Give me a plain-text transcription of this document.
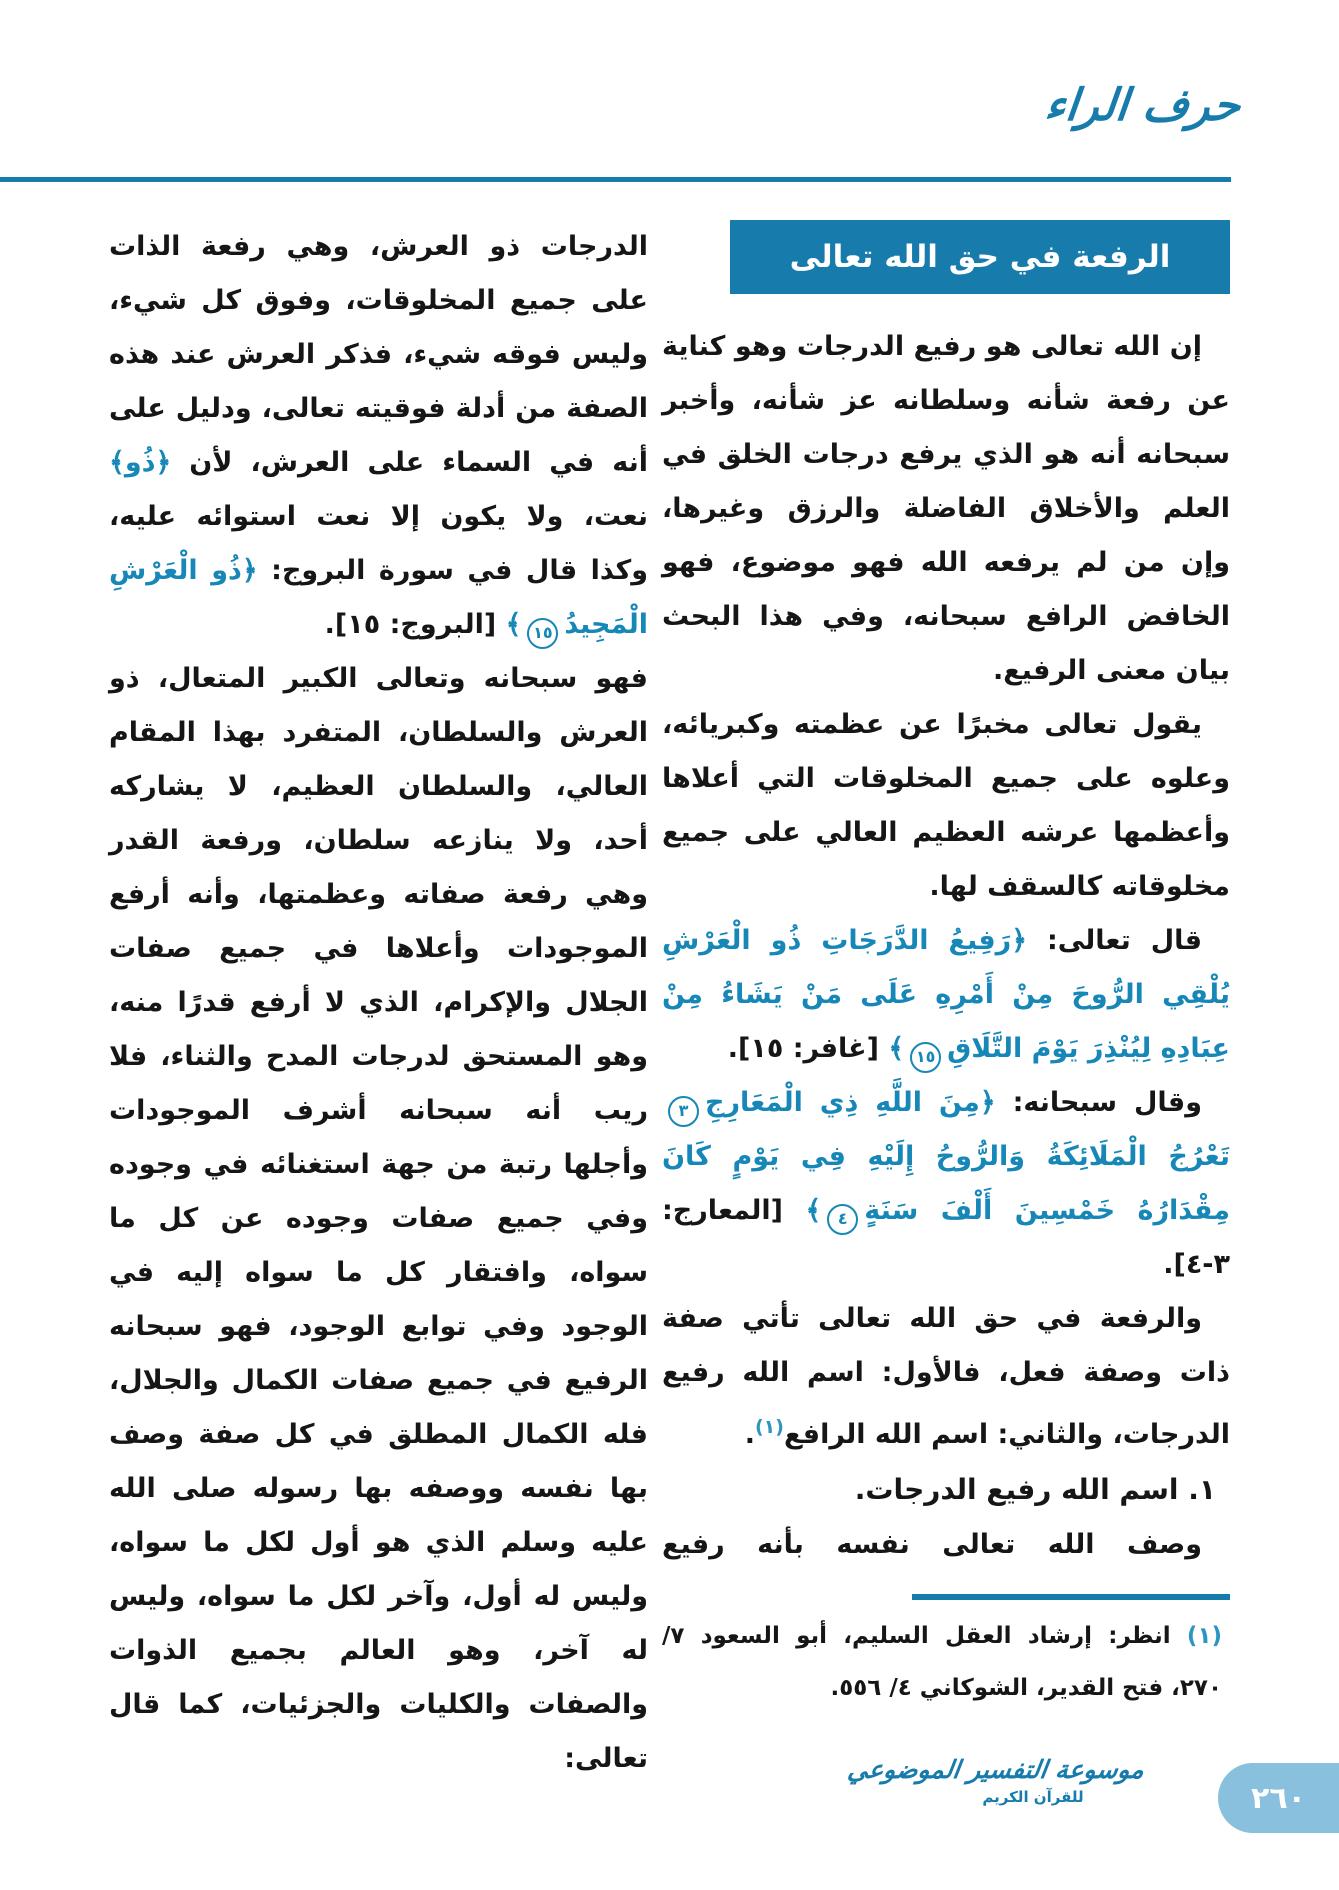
حرف الراء
الرفعة في حق الله تعالى

إن الله تعالى هو رفيع الدرجات وهو كناية عن رفعة شأنه وسلطانه عز شأنه، وأخبر سبحانه أنه هو الذي يرفع درجات الخلق في العلم والأخلاق الفاضلة والرزق وغيرها، وإن من لم يرفعه الله فهو موضوع، فهو الخافض الرافع سبحانه، وفي هذا البحث بيان معنى الرفيع.

يقول تعالى مخبرًا عن عظمته وكبريائه، وعلوه على جميع المخلوقات التي أعلاها وأعظمها عرشه العظيم العالي على جميع مخلوقاته كالسقف لها.

قال تعالى: ﴿رَفِيعُ الدَّرَجَاتِ ذُو الْعَرْشِ يُلْقِي الرُّوحَ مِنْ أَمْرِهِ عَلَى مَنْ يَشَاءُ مِنْ عِبَادِهِ لِيُنْذِرَ يَوْمَ التَّلَاقِ١٥﴾ [غافر: ١٥].

وقال سبحانه: ﴿مِنَ اللَّهِ ذِي الْمَعَارِجِ٣تَعْرُجُ الْمَلَائِكَةُ وَالرُّوحُ إِلَيْهِ فِي يَوْمٍ كَانَ مِقْدَارُهُ خَمْسِينَ أَلْفَ سَنَةٍ٤﴾ [المعارج: ٣-٤].

والرفعة في حق الله تعالى تأتي صفة ذات وصفة فعل، فالأول: اسم الله رفيع الدرجات، والثاني: اسم الله الرافع$^{(١)}$.

١. اسم الله رفيع الدرجات.

وصف الله تعالى نفسه بأنه رفيع

(١) انظر: إرشاد العقل السليم، أبو السعود ٧/ ٢٧٠، فتح القدير، الشوكاني ٤/ ٥٥٦.

الدرجات ذو العرش، وهي رفعة الذات على جميع المخلوقات، وفوق كل شيء، وليس فوقه شيء، فذكر العرش عند هذه الصفة من أدلة فوقيته تعالى، ودليل على أنه في السماء على العرش، لأن ﴿ذُو﴾ نعت، ولا يكون إلا نعت استوائه عليه، وكذا قال في سورة البروج: ﴿ذُو الْعَرْشِ الْمَجِيدُ١٥﴾ [البروج: ١٥].

فهو سبحانه وتعالى الكبير المتعال، ذو العرش والسلطان، المتفرد بهذا المقام العالي، والسلطان العظيم، لا يشاركه أحد، ولا ينازعه سلطان، ورفعة القدر وهي رفعة صفاته وعظمتها، وأنه أرفع الموجودات وأعلاها في جميع صفات الجلال والإكرام، الذي لا أرفع قدرًا منه، وهو المستحق لدرجات المدح والثناء، فلا ريب أنه سبحانه أشرف الموجودات وأجلها رتبة من جهة استغنائه في وجوده وفي جميع صفات وجوده عن كل ما سواه، وافتقار كل ما سواه إليه في الوجود وفي توابع الوجود، فهو سبحانه الرفيع في جميع صفات الكمال والجلال، فله الكمال المطلق في كل صفة وصف بها نفسه ووصفه بها رسوله صلى الله عليه وسلم الذي هو أول لكل ما سواه، وليس له أول، وآخر لكل ما سواه، وليس له آخر، وهو العالم بجميع الذوات والصفات والكليات والجزئيات، كما قال تعالى:	موسوعة التفسير الموضوعي
للقرآن الكريم	٢٦٠
